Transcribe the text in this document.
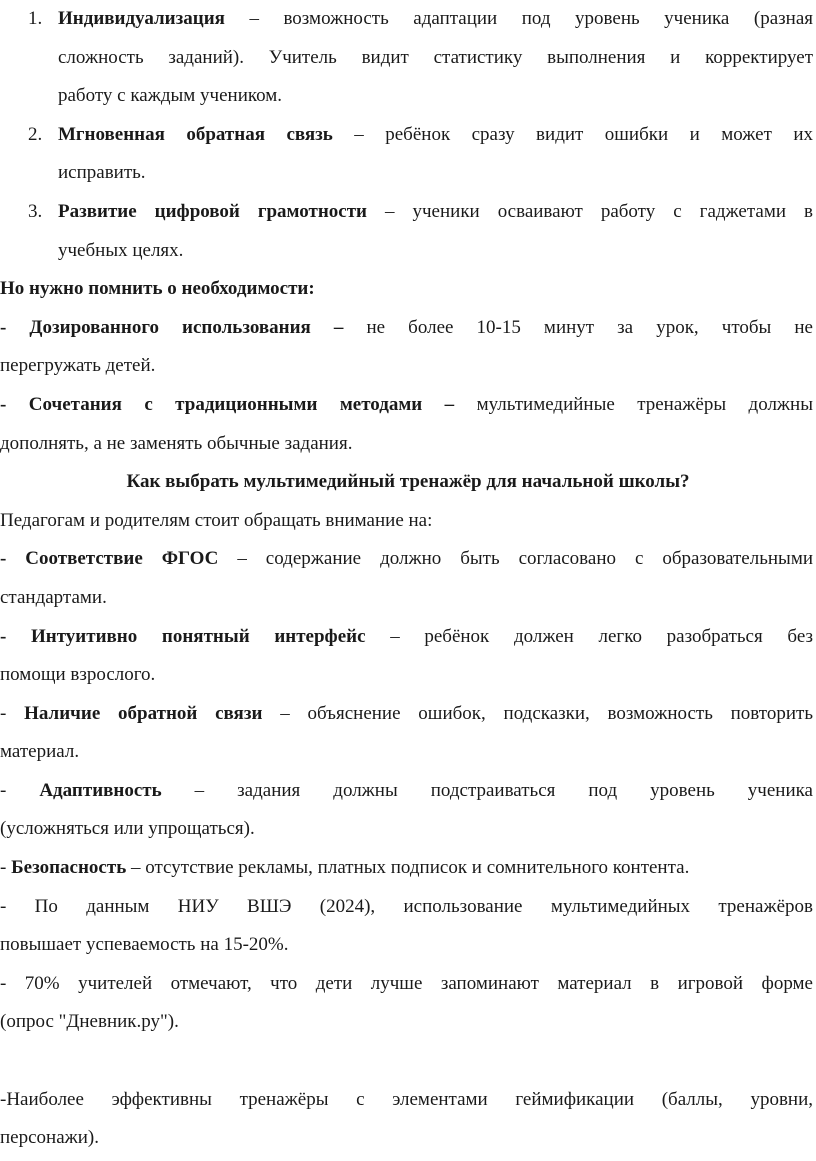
1. Индивидуализация – возможность адаптации под уровень ученика (разная

сложность заданий). Учитель видит статистику выполнения и корректирует

работу с каждым учеником.

2. Мгновенная обратная связь – ребёнок сразу видит ошибки и может их

исправить.

3. Развитие цифровой грамотности – ученики осваивают работу с гаджетами в

учебных целях.

Но нужно помнить о необходимости:

- Дозированного использования – не более 10-15 минут за урок, чтобы не

перегружать детей.

- Сочетания с традиционными методами – мультимедийные тренажёры должны

дополнять, а не заменять обычные задания.

Как выбрать мультимедийный тренажёр для начальной школы?

Педагогам и родителям стоит обращать внимание на:

- Соответствие ФГОС – содержание должно быть согласовано с образовательными

стандартами.

- Интуитивно понятный интерфейс – ребёнок должен легко разобраться без

помощи взрослого.

- Наличие обратной связи – объяснение ошибок, подсказки, возможность повторить

материал.

- Адаптивность – задания должны подстраиваться под уровень ученика

(усложняться или упрощаться).

- Безопасность – отсутствие рекламы, платных подписок и сомнительного контента.

- По данным НИУ ВШЭ (2024), использование мультимедийных тренажёров

повышает успеваемость на 15-20%.

- 70% учителей отмечают, что дети лучше запоминают материал в игровой форме

(опрос "Дневник.ру").

-Наиболее эффективны тренажёры с элементами геймификации (баллы, уровни,

персонажи).
